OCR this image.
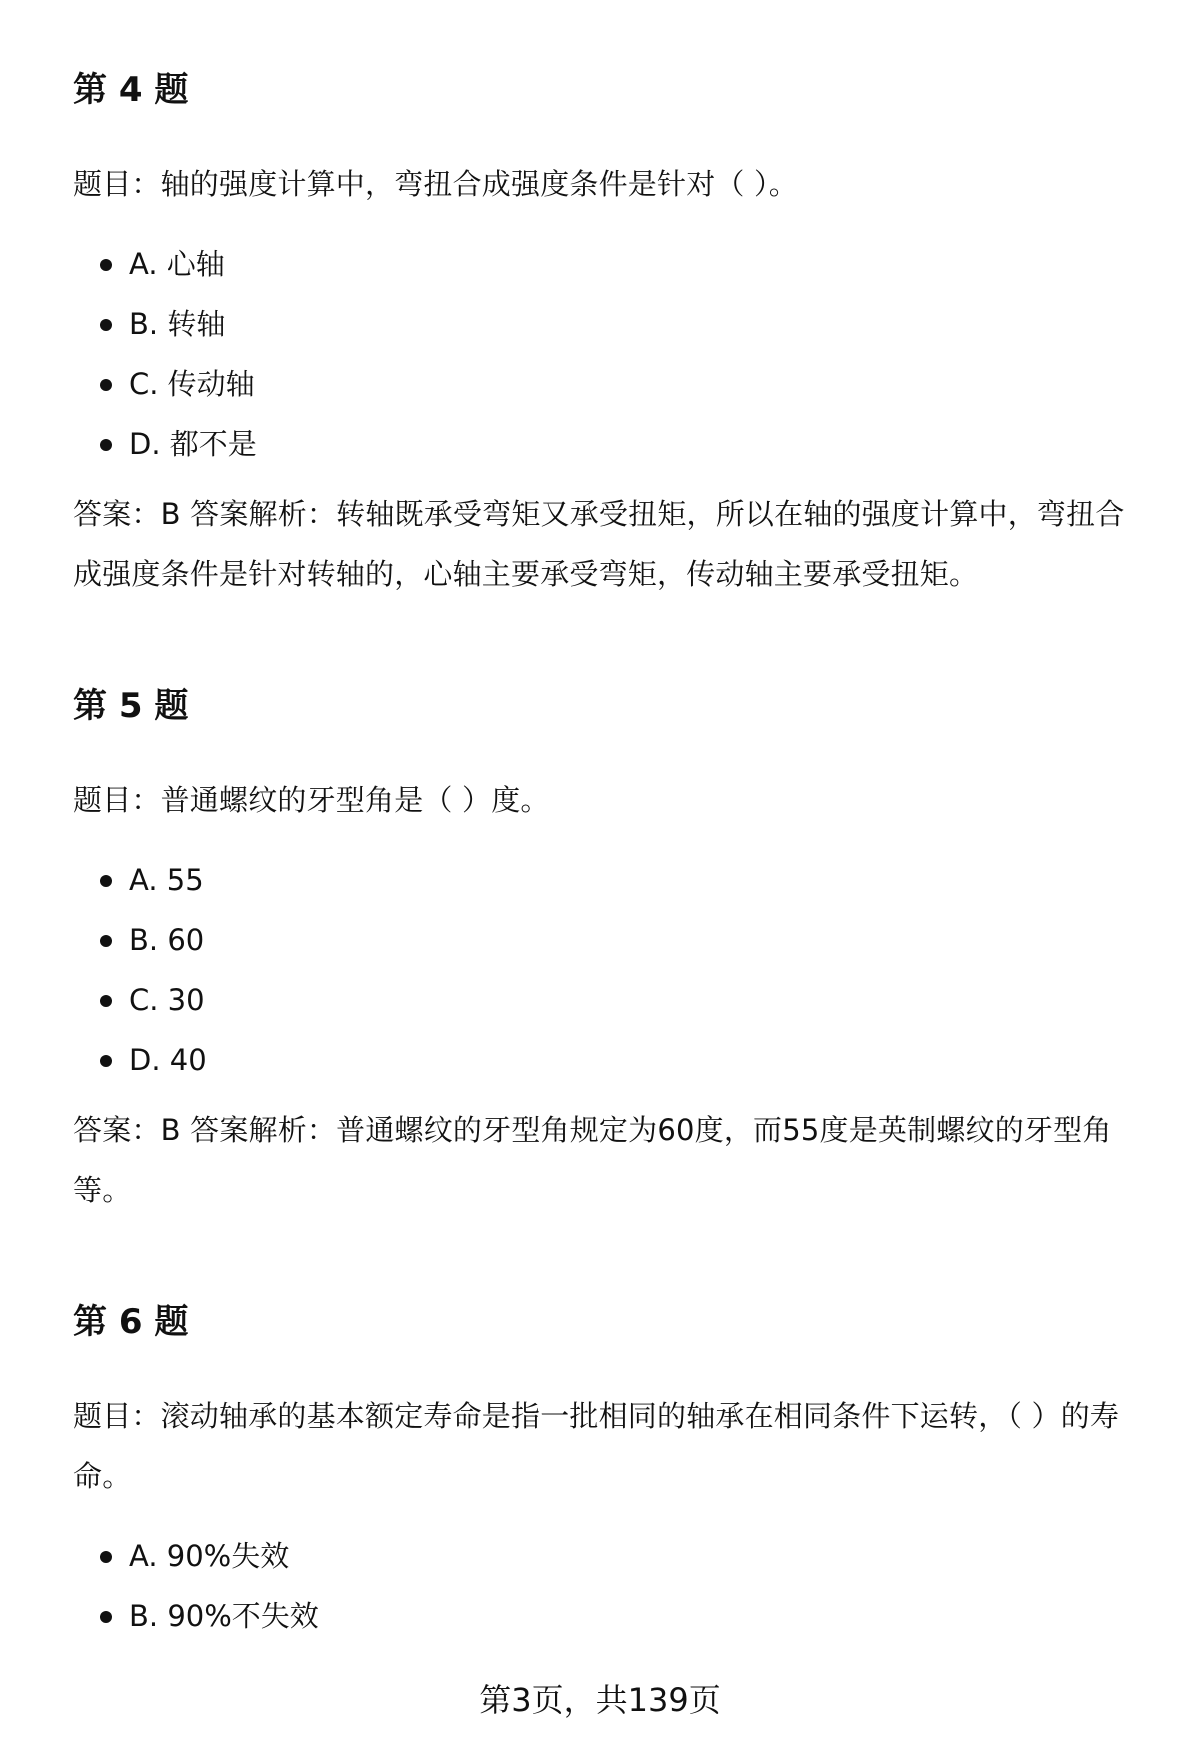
第 4 题

题目：轴的强度计算中，弯扭合成强度条件是针对（ ）。

A. 心轴
B. 转轴
C. 传动轴
D. 都不是

答案：B 答案解析：转轴既承受弯矩又承受扭矩，所以在轴的强度计算中，弯扭合成强度条件是针对转轴的，心轴主要承受弯矩，传动轴主要承受扭矩。

第 5 题

题目：普通螺纹的牙型角是（ ）度。

A. 55
B. 60
C. 30
D. 40

答案：B 答案解析：普通螺纹的牙型角规定为60度，而55度是英制螺纹的牙型角等。

第 6 题

题目：滚动轴承的基本额定寿命是指一批相同的轴承在相同条件下运转，（ ）的寿命。

A. 90%失效
B. 90%不失效
第3页，共139页
